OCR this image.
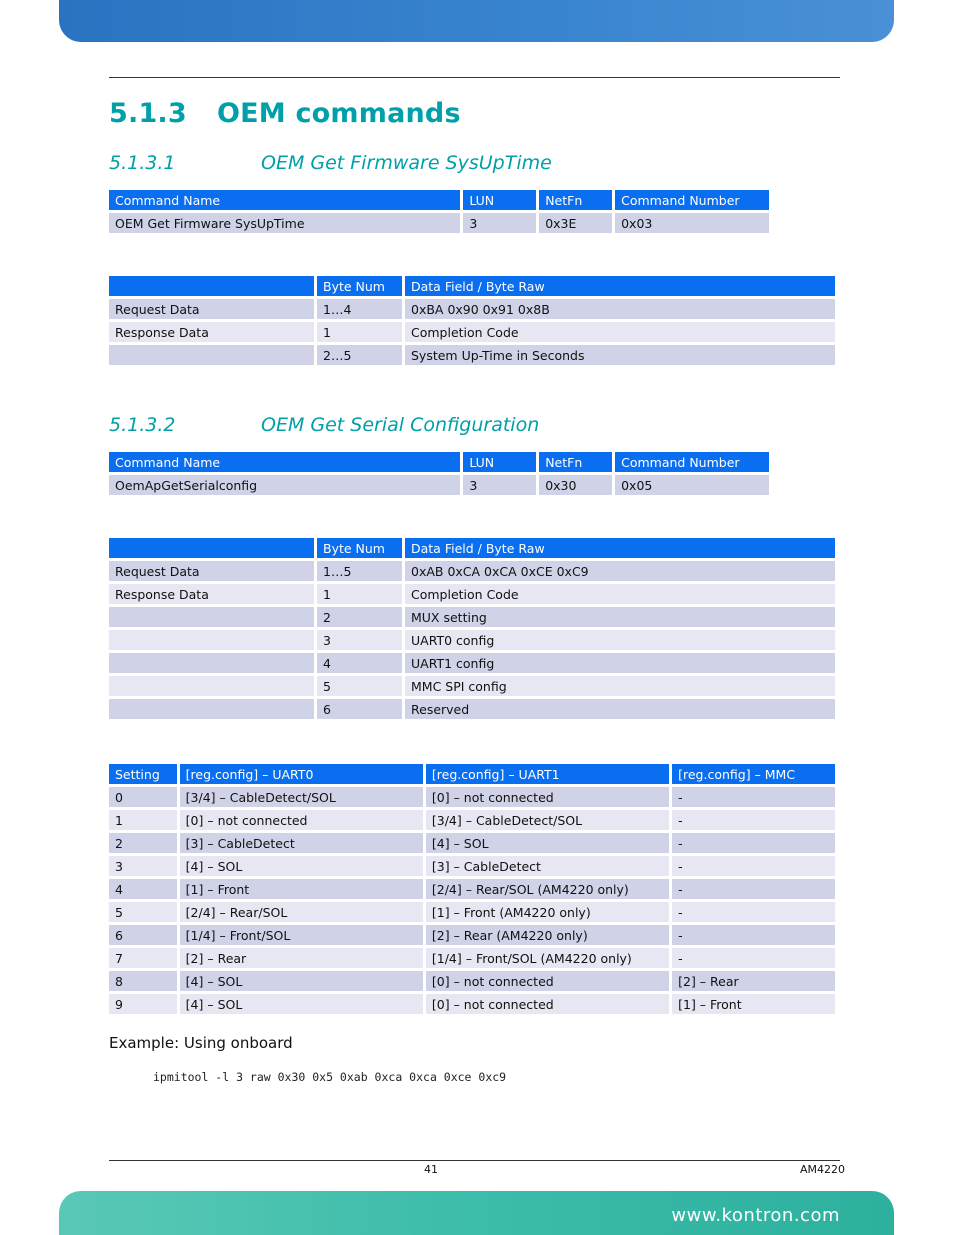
5.1.3 OEM commands
5.1.3.1	OEM Get Firmware SysUpTime
Command Name	LUN	NetFn	Command Number
OEM Get Firmware SysUpTime	3	0x3E	0x03
	Byte Num	Data Field / Byte Raw
Request Data	1…4	0xBA 0x90 0x91 0x8B
Response Data	1	Completion Code
	2…5	System Up-Time in Seconds
5.1.3.2	OEM Get Serial Configuration
Command Name	LUN	NetFn	Command Number
OemApGetSerialconfig	3	0x30	0x05
	Byte Num	Data Field / Byte Raw
Request Data	1…5	0xAB 0xCA 0xCA 0xCE 0xC9
Response Data	1	Completion Code
	2	MUX setting
	3	UART0 config
	4	UART1 config
	5	MMC SPI config
	6	Reserved
Setting	[reg.config] – UART0	[reg.config] – UART1	[reg.config] – MMC
0	[3/4] – CableDetect/SOL	[0] – not connected	-
1	[0] – not connected	[3/4] – CableDetect/SOL	-
2	[3] – CableDetect	[4] – SOL	-
3	[4] – SOL	[3] – CableDetect	-
4	[1] – Front	[2/4] – Rear/SOL (AM4220 only)	-
5	[2/4] – Rear/SOL	[1] – Front (AM4220 only)	-
6	[1/4] – Front/SOL	[2] – Rear (AM4220 only)	-
7	[2] – Rear	[1/4] – Front/SOL (AM4220 only)	-
8	[4] – SOL	[0] – not connected	[2] – Rear
9	[4] – SOL	[0] – not connected	[1] – Front
Example: Using onboard
ipmitool -l 3 raw 0x30 0x5 0xab 0xca 0xca 0xce 0xc9
41	AM4220
www.kontron.com
